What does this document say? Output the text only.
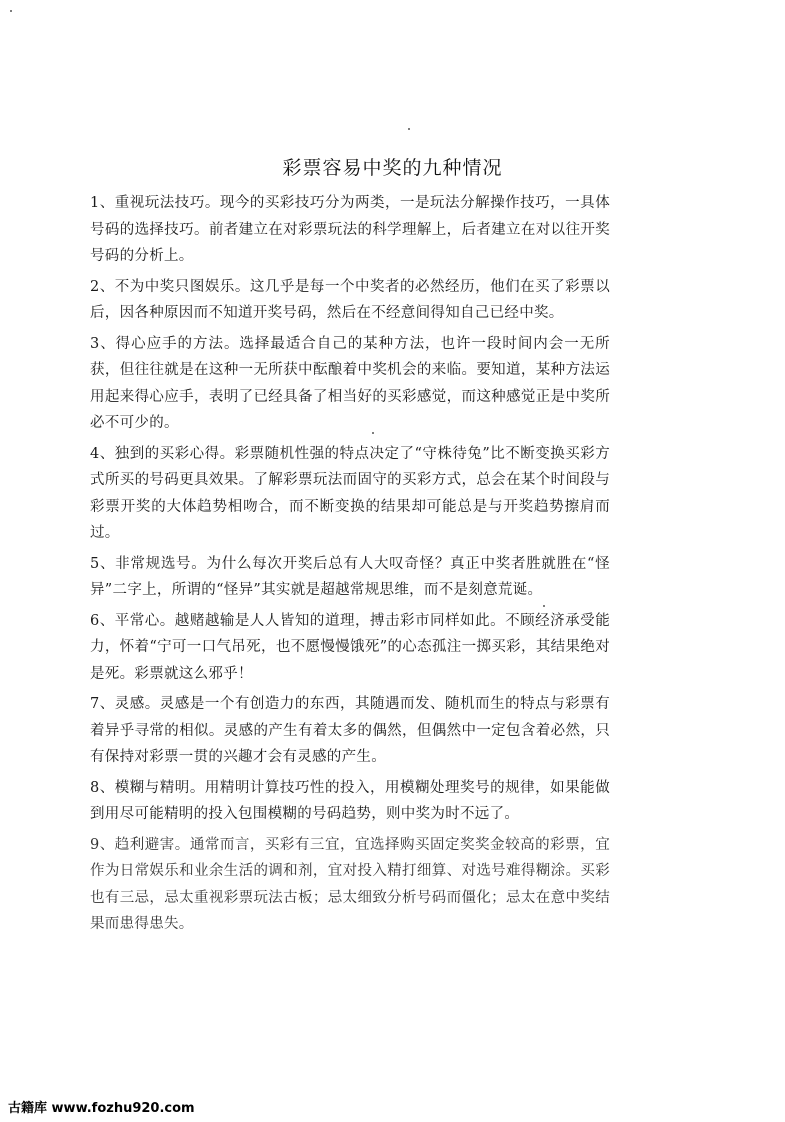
彩票容易中奖的九种情况

1、重视玩法技巧。现今的买彩技巧分为两类，一是玩法分解操作技巧，一具体号码的选择技巧。前者建立在对彩票玩法的科学理解上，后者建立在对以往开奖号码的分析上。

2、不为中奖只图娱乐。这几乎是每一个中奖者的必然经历，他们在买了彩票以后，因各种原因而不知道开奖号码，然后在不经意间得知自己已经中奖。

3、得心应手的方法。选择最适合自己的某种方法，也许一段时间内会一无所获，但往往就是在这种一无所获中酝酿着中奖机会的来临。要知道，某种方法运用起来得心应手，表明了已经具备了相当好的买彩感觉，而这种感觉正是中奖所必不可少的。

4、独到的买彩心得。彩票随机性强的特点决定了“守株待兔”比不断变换买彩方式所买的号码更具效果。了解彩票玩法而固守的买彩方式，总会在某个时间段与彩票开奖的大体趋势相吻合，而不断变换的结果却可能总是与开奖趋势擦肩而过。

5、非常规选号。为什么每次开奖后总有人大叹奇怪？真正中奖者胜就胜在“怪异”二字上，所谓的“怪异”其实就是超越常规思维，而不是刻意荒诞。

6、平常心。越赌越输是人人皆知的道理，搏击彩市同样如此。不顾经济承受能力，怀着“宁可一口气吊死，也不愿慢慢饿死”的心态孤注一掷买彩，其结果绝对是死。彩票就这么邪乎！

7、灵感。灵感是一个有创造力的东西，其随遇而发、随机而生的特点与彩票有着异乎寻常的相似。灵感的产生有着太多的偶然，但偶然中一定包含着必然，只有保持对彩票一贯的兴趣才会有灵感的产生。

8、模糊与精明。用精明计算技巧性的投入，用模糊处理奖号的规律，如果能做到用尽可能精明的投入包围模糊的号码趋势，则中奖为时不远了。

9、趋利避害。通常而言，买彩有三宜，宜选择购买固定奖奖金较高的彩票，宜作为日常娱乐和业余生活的调和剂，宜对投入精打细算、对选号难得糊涂。买彩也有三忌，忌太重视彩票玩法古板；忌太细致分析号码而僵化；忌太在意中奖结果而患得患失。

古籍库 www.fozhu920.com
